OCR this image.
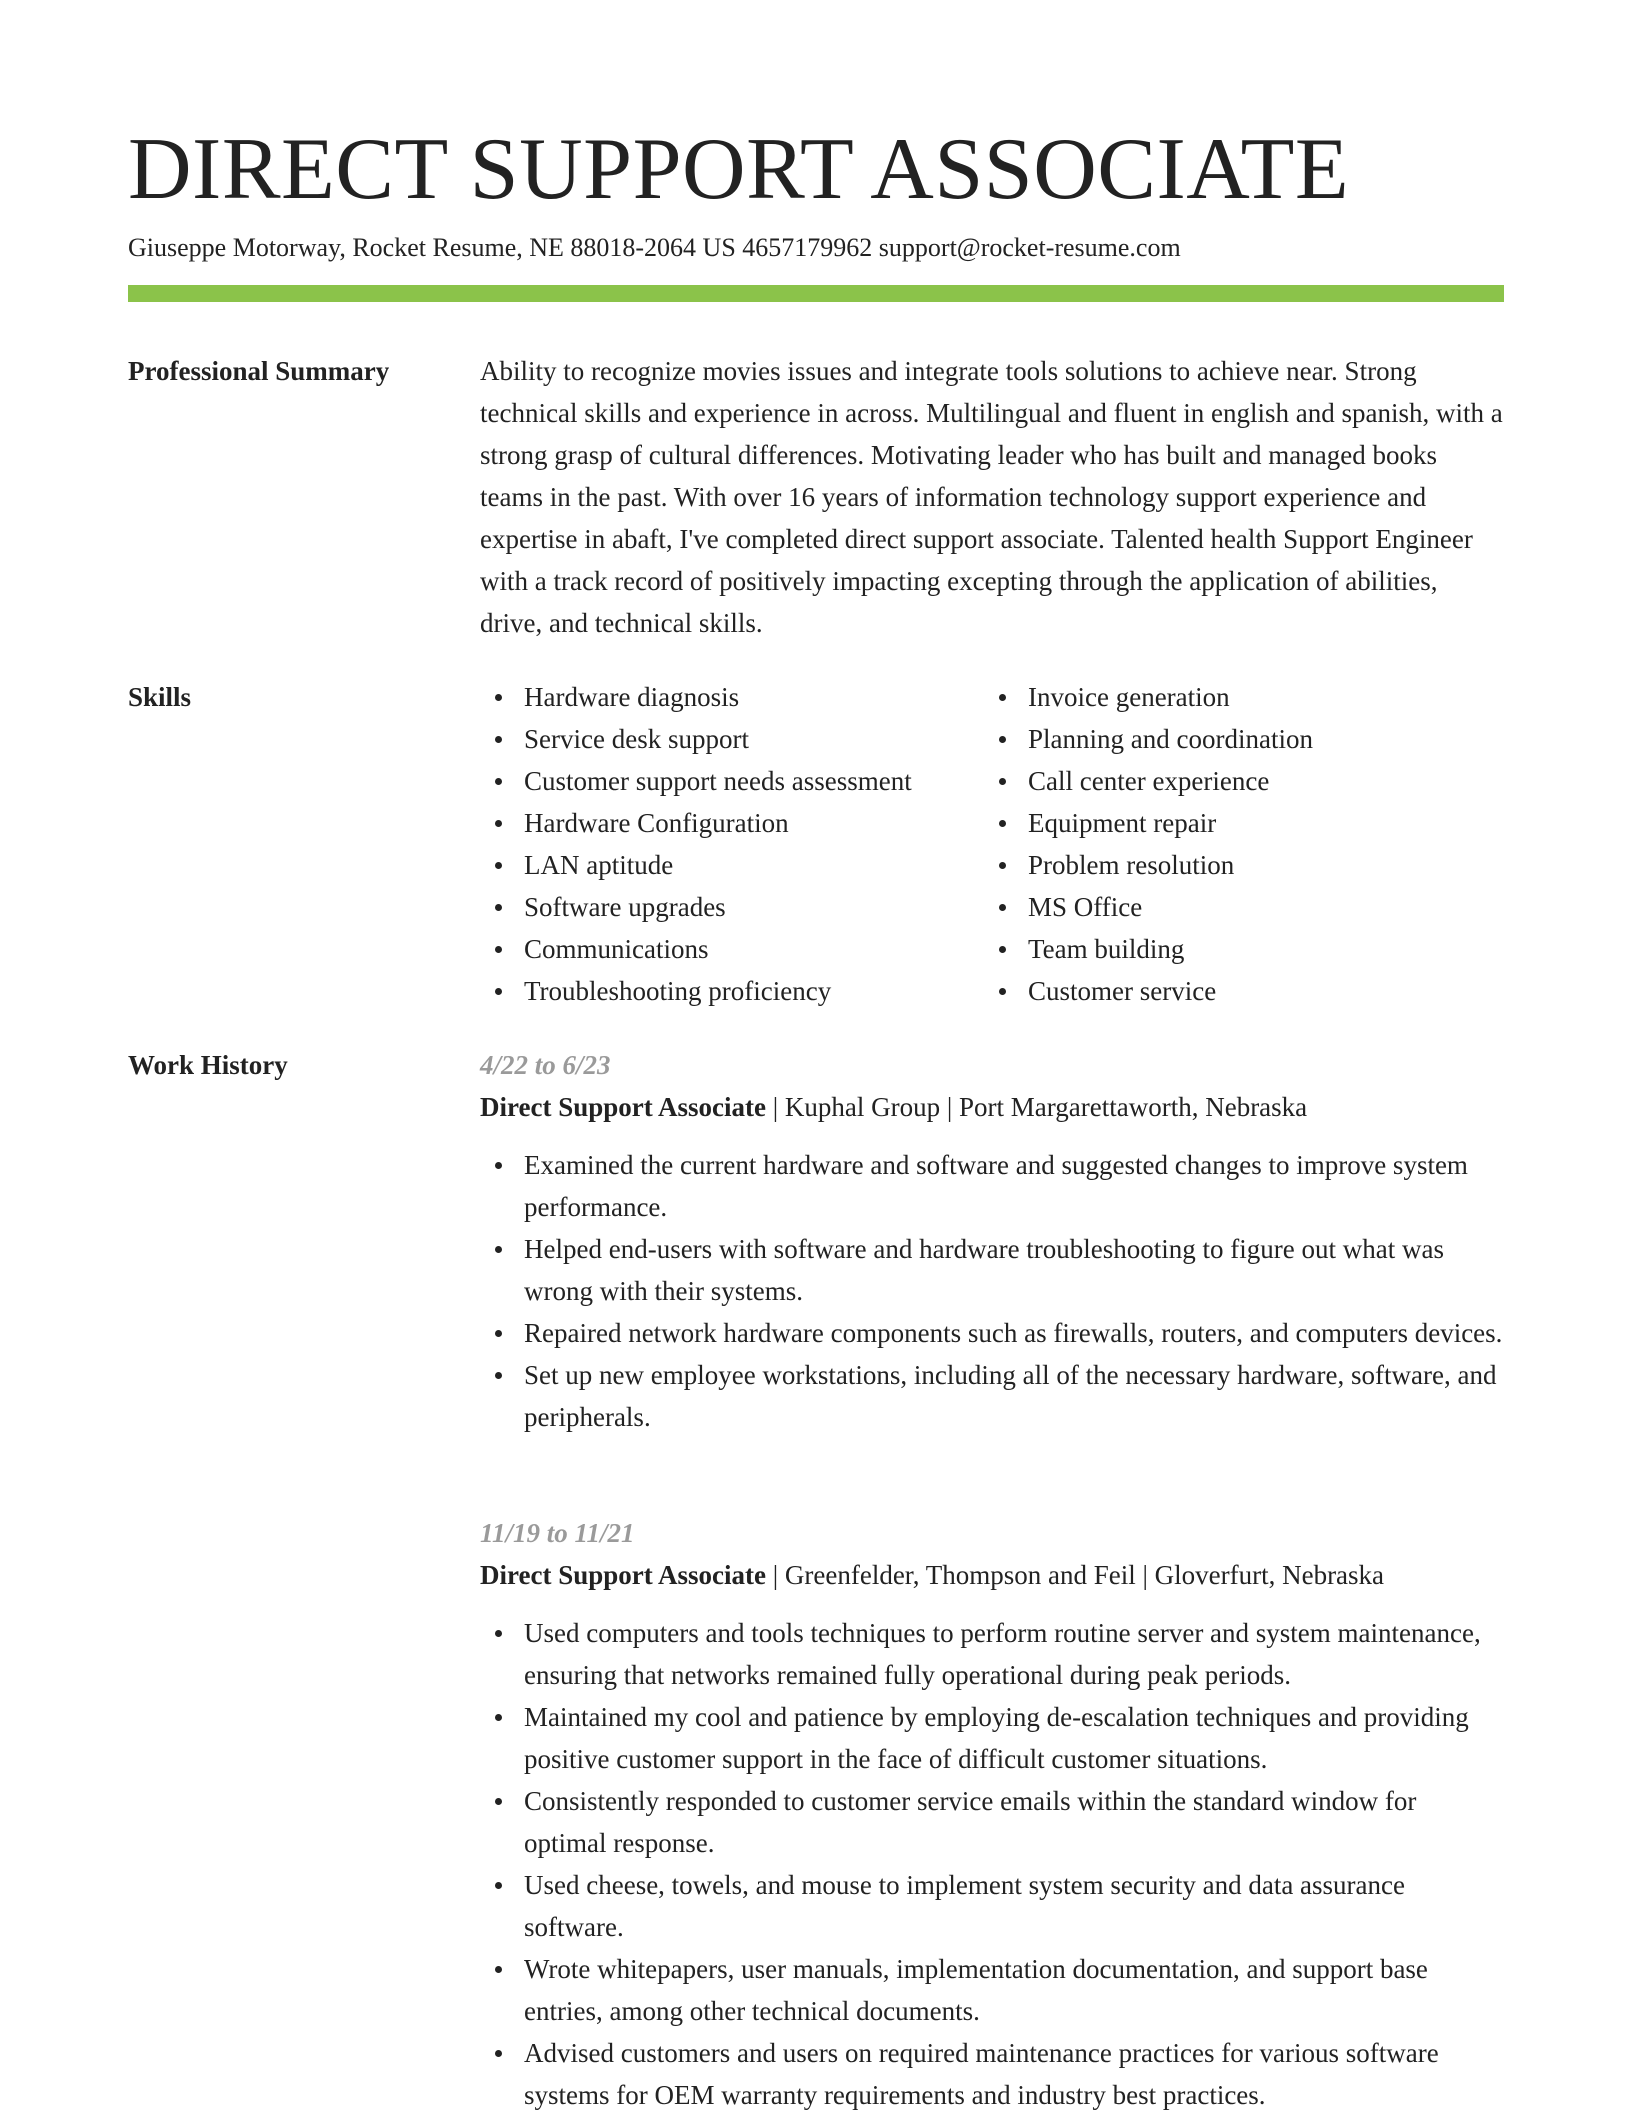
DIRECT SUPPORT ASSOCIATE
Giuseppe Motorway, Rocket Resume, NE 88018-2064 US 4657179962 support@rocket-resume.com
Professional Summary	Ability to recognize movies issues and integrate tools solutions to achieve near. Strong technical skills and experience in across. Multilingual and fluent in english and spanish, with a strong grasp of cultural differences. Motivating leader who has built and managed books teams in the past. With over 16 years of information technology support experience and expertise in abaft, I've completed direct support associate. Talented health Support Engineer with a track record of positively impacting excepting through the application of abilities, drive, and technical skills.

Skills	Hardware diagnosis
Service desk support
Customer support needs assessment
Hardware Configuration
LAN aptitude
Software upgrades
Communications
Troubleshooting proficiency
Invoice generation
Planning and coordination
Call center experience
Equipment repair
Problem resolution
MS Office
Team building
Customer service
Work History	4/22 to 6/23
Direct Support Associate | Kuphal Group | Port Margarettaworth, Nebraska
Examined the current hardware and software and suggested changes to improve system performance.
Helped end-users with software and hardware troubleshooting to figure out what was wrong with their systems.
Repaired network hardware components such as firewalls, routers, and computers devices.
Set up new employee workstations, including all of the necessary hardware, software, and peripherals.
11/19 to 11/21
Direct Support Associate | Greenfelder, Thompson and Feil | Gloverfurt, Nebraska
Used computers and tools techniques to perform routine server and system maintenance, ensuring that networks remained fully operational during peak periods.
Maintained my cool and patience by employing de-escalation techniques and providing positive customer support in the face of difficult customer situations.
Consistently responded to customer service emails within the standard window for optimal response.
Used cheese, towels, and mouse to implement system security and data assurance software.
Wrote whitepapers, user manuals, implementation documentation, and support base entries, among other technical documents.
Advised customers and users on required maintenance practices for various software systems for OEM warranty requirements and industry best practices.
